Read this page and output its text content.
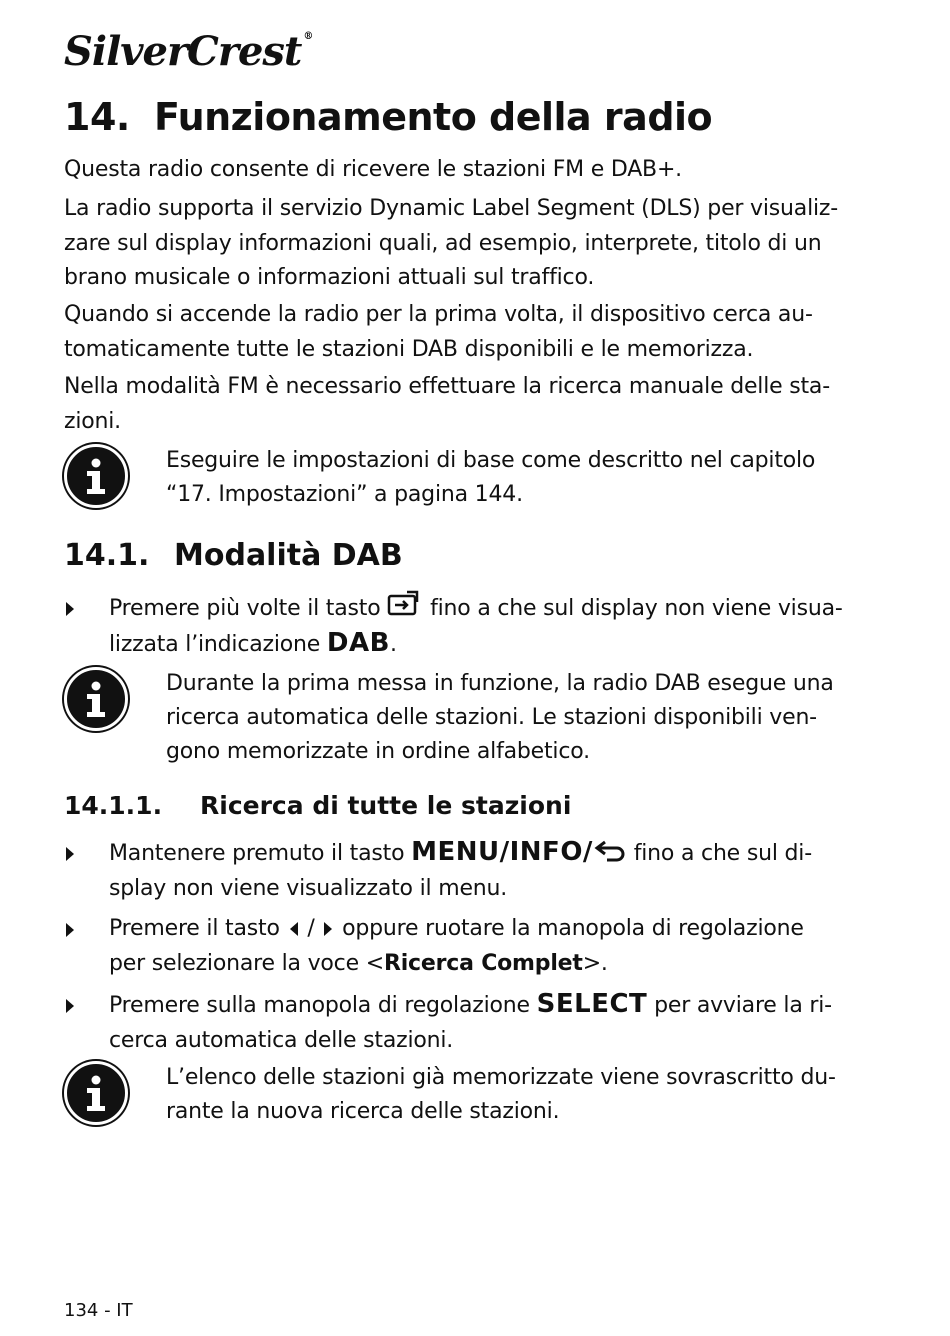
SilverCrest ®
14. Funzionamento della radio
Questa radio consente di ricevere le stazioni FM e DAB+.
La radio supporta il servizio Dynamic Label Segment (DLS) per visualiz-
zare sul display informazioni quali, ad esempio, interprete, titolo di un
brano musicale o informazioni attuali sul traffico.
Quando si accende la radio per la prima volta, il dispositivo cerca au-
tomaticamente tutte le stazioni DAB disponibili e le memorizza.
Nella modalità FM è necessario effettuare la ricerca manuale delle sta-
zioni.
Eseguire le impostazioni di base come descritto nel capitolo
“17. Impostazioni” a pagina 144.
14.1. Modalità DAB
Premere più volte il tasto fino a che sul display non viene visua-
lizzata l’indicazione DAB.
Durante la prima messa in funzione, la radio DAB esegue una
ricerca automatica delle stazioni. Le stazioni disponibili ven-
gono memorizzate in ordine alfabetico.
14.1.1. Ricerca di tutte le stazioni
Mantenere premuto il tasto MENU/INFO/ fino a che sul di-
splay non viene visualizzato il menu.
Premere il tasto / oppure ruotare la manopola di regolazione
per selezionare la voce <Ricerca Complet>.
Premere sulla manopola di regolazione SELECT per avviare la ri-
cerca automatica delle stazioni.
L’elenco delle stazioni già memorizzate viene sovrascritto du-
rante la nuova ricerca delle stazioni.
134 - IT
